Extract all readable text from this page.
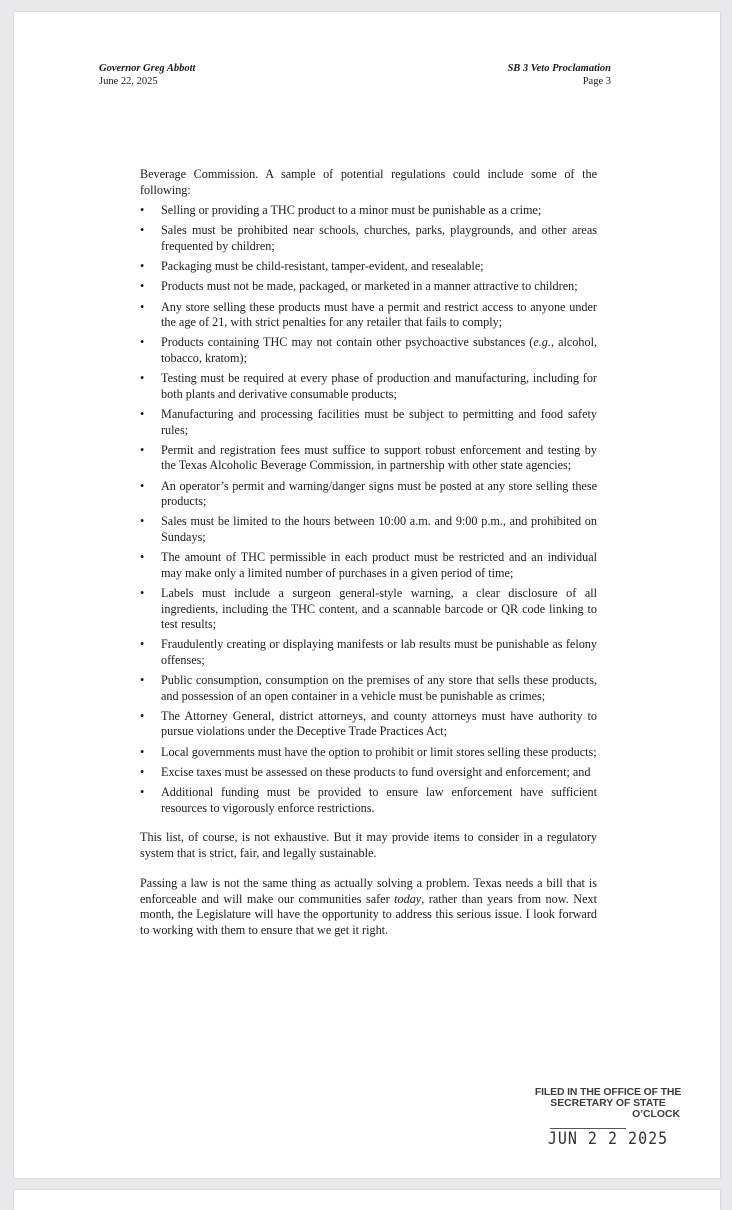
Governor Greg Abbott
June 22, 2025
SB 3 Veto Proclamation
Page 3

Beverage Commission. A sample of potential regulations could include some of the following:

• Selling or providing a THC product to a minor must be punishable as a crime;
• Sales must be prohibited near schools, churches, parks, playgrounds, and other areas frequented by children;
• Packaging must be child-resistant, tamper-evident, and resealable;
• Products must not be made, packaged, or marketed in a manner attractive to children;
• Any store selling these products must have a permit and restrict access to anyone under the age of 21, with strict penalties for any retailer that fails to comply;
• Products containing THC may not contain other psychoactive substances (e.g., alcohol, tobacco, kratom);
• Testing must be required at every phase of production and manufacturing, including for both plants and derivative consumable products;
• Manufacturing and processing facilities must be subject to permitting and food safety rules;
• Permit and registration fees must suffice to support robust enforcement and testing by the Texas Alcoholic Beverage Commission, in partnership with other state agencies;
• An operator’s permit and warning/danger signs must be posted at any store selling these products;
• Sales must be limited to the hours between 10:00 a.m. and 9:00 p.m., and prohibited on Sundays;
• The amount of THC permissible in each product must be restricted and an individual may make only a limited number of purchases in a given period of time;
• Labels must include a surgeon general-style warning, a clear disclosure of all ingredients, including the THC content, and a scannable barcode or QR code linking to test results;
• Fraudulently creating or displaying manifests or lab results must be punishable as felony offenses;
• Public consumption, consumption on the premises of any store that sells these products, and possession of an open container in a vehicle must be punishable as crimes;
• The Attorney General, district attorneys, and county attorneys must have authority to pursue violations under the Deceptive Trade Practices Act;
• Local governments must have the option to prohibit or limit stores selling these products;
• Excise taxes must be assessed on these products to fund oversight and enforcement; and
• Additional funding must be provided to ensure law enforcement have sufficient resources to vigorously enforce restrictions.

This list, of course, is not exhaustive. But it may provide items to consider in a regulatory system that is strict, fair, and legally sustainable.

Passing a law is not the same thing as actually solving a problem. Texas needs a bill that is enforceable and will make our communities safer today, rather than years from now. Next month, the Legislature will have the opportunity to address this serious issue. I look forward to working with them to ensure that we get it right.

FILED IN THE OFFICE OF THE
SECRETARY OF STATE
O’CLOCK
JUN 2 2 2025
